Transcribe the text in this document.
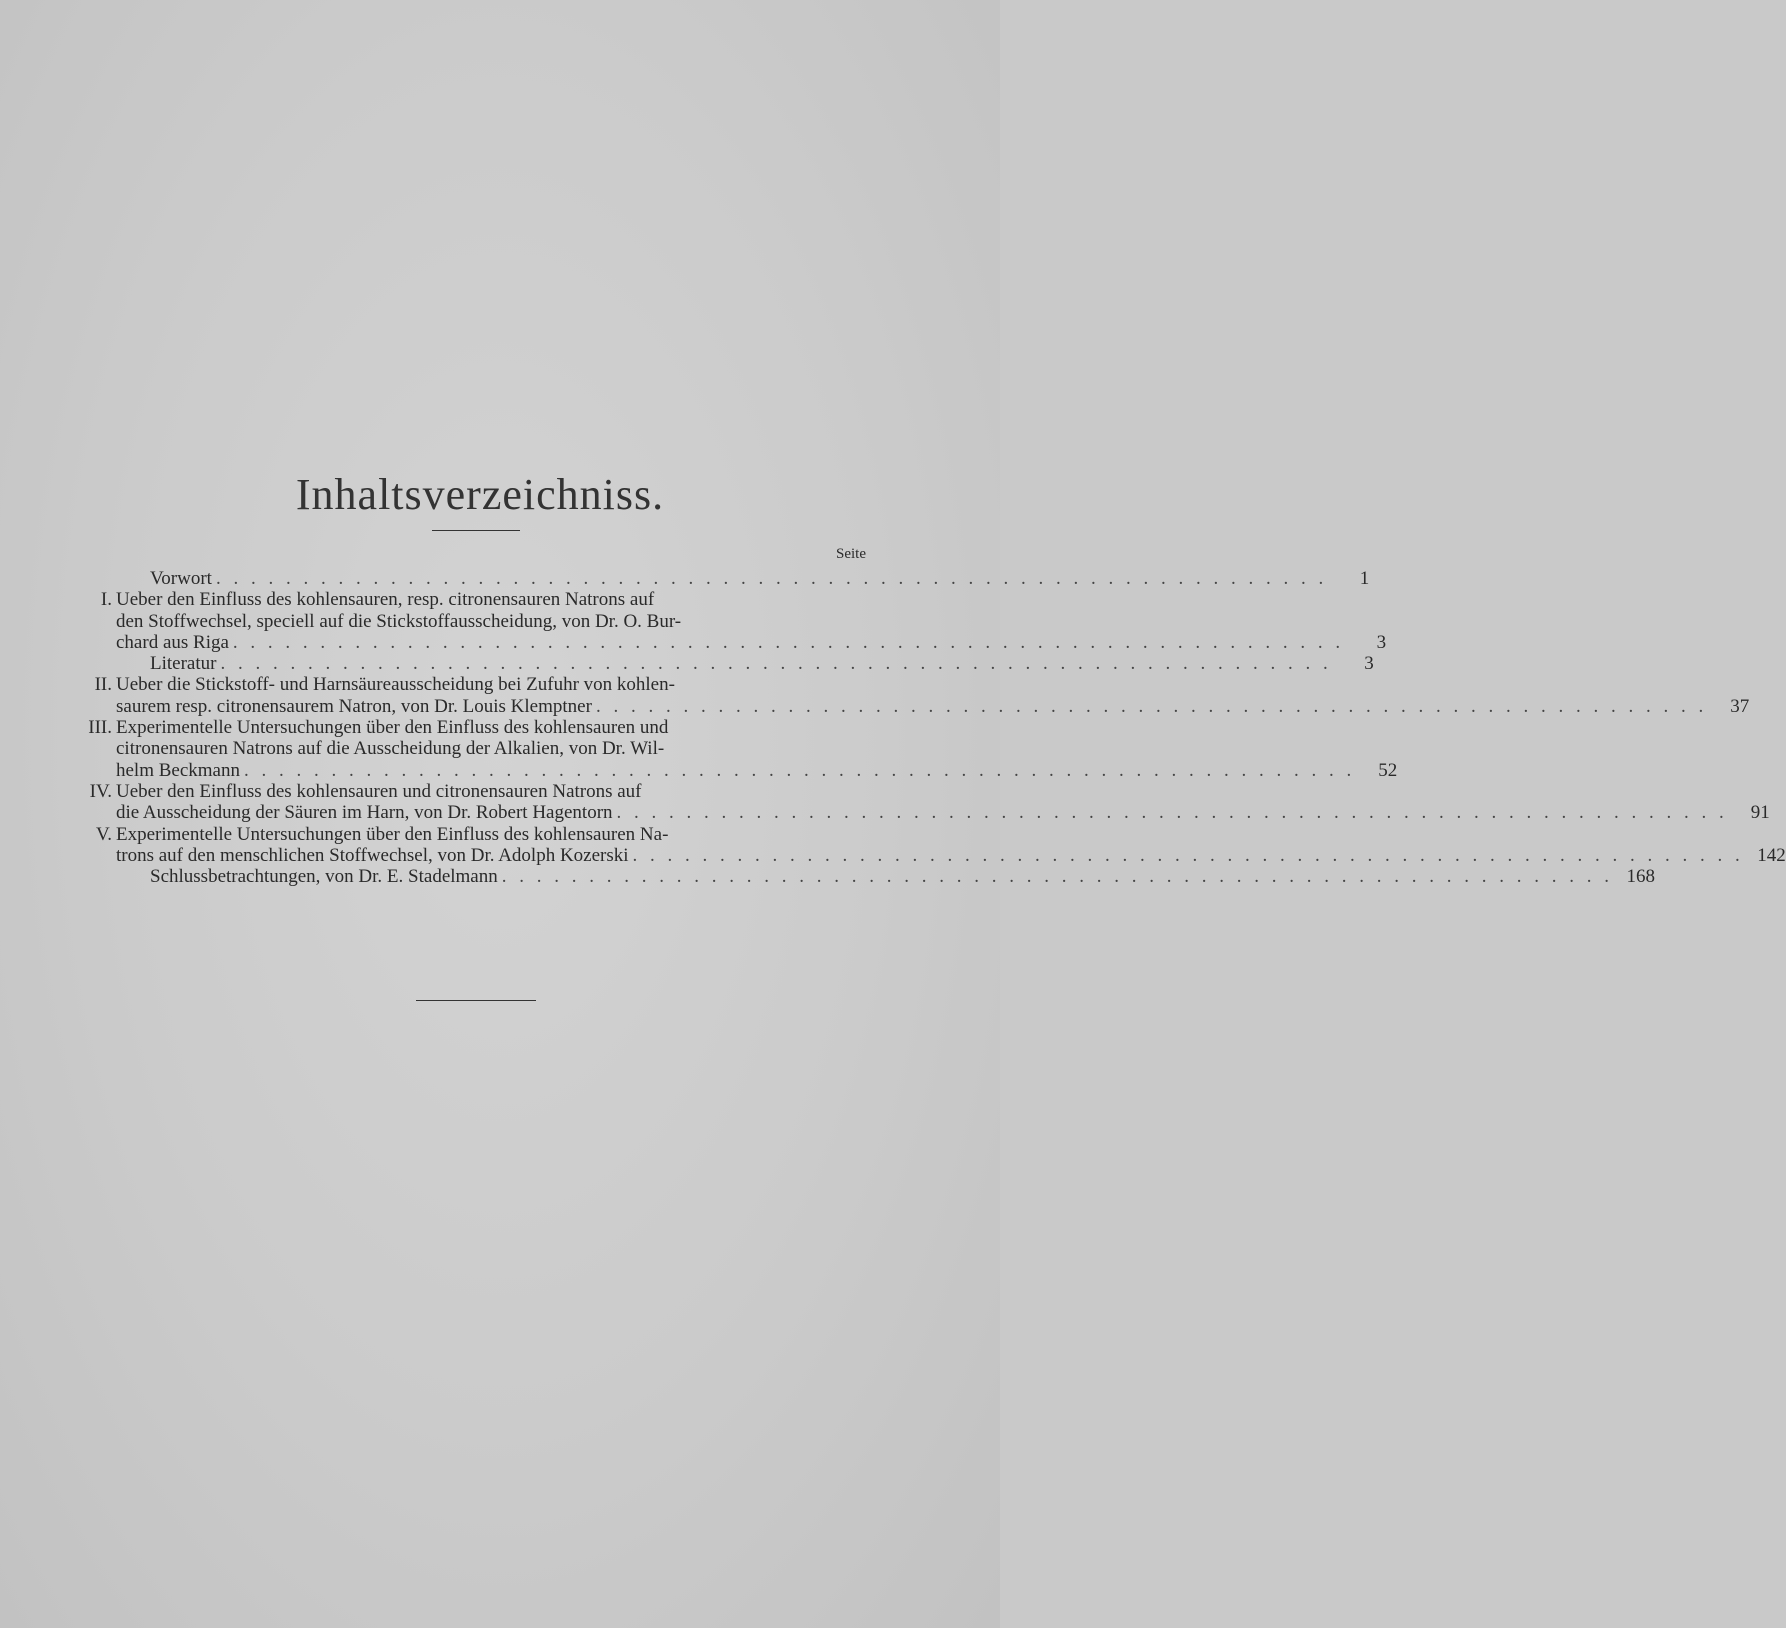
Inhaltsverzeichniss.
Seite
Vorwort . . .	1
I. Ueber den Einfluss des kohlensauren, resp. citronensauren Natrons auf
den Stoffwechsel, speciell auf die Stickstoffausscheidung, von Dr. O. Bur-
chard aus Riga . . .	3
Literatur . . .	3
II. Ueber die Stickstoff- und Harnsäureausscheidung bei Zufuhr von kohlen-
saurem resp. citronensaurem Natron, von Dr. Louis Klemptner . . .	37
III. Experimentelle Untersuchungen über den Einfluss des kohlensauren und
citronensauren Natrons auf die Ausscheidung der Alkalien, von Dr. Wil-
helm Beckmann . . .	52
IV. Ueber den Einfluss des kohlensauren und citronensauren Natrons auf
die Ausscheidung der Säuren im Harn, von Dr. Robert Hagentorn . . .	91
V. Experimentelle Untersuchungen über den Einfluss des kohlensauren Na-
trons auf den menschlichen Stoffwechsel, von Dr. Adolph Kozerski . . .	142
Schlussbetrachtungen, von Dr. E. Stadelmann . . .	168
